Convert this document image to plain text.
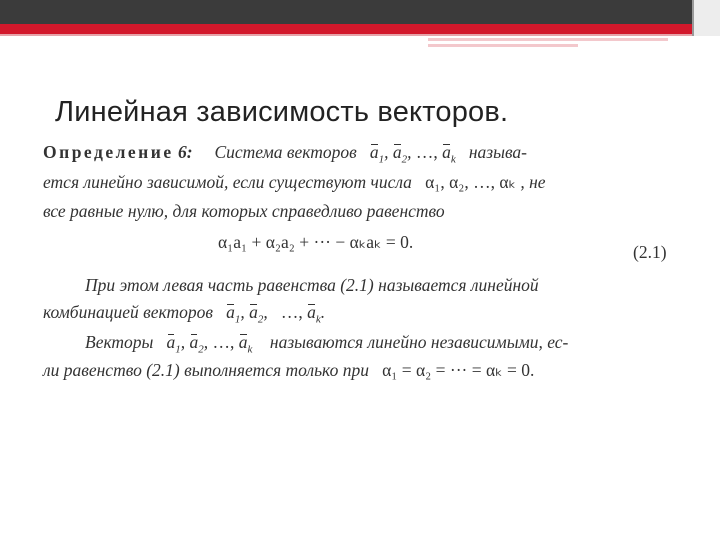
Линейная зависимость векторов.
Определение 6: Система векторов $a_1$, $a_2$, …, $a_k$ называ-
ется линейно зависимой, если существуют числа α₁, α₂, …, αₖ , не
все равные нулю, для которых справедливо равенство
α₁a₁ + α₂a₂ + ··· − αₖaₖ = 0.	(2.1)
При этом левая часть равенства (2.1) называется линейной
комбинацией векторов $a_1$, $a_2$, …, $a_k$.
Векторы $a_1$, $a_2$, …, $a_k$ называются линейно независимыми, ес-
ли равенство (2.1) выполняется только при α₁ = α₂ = ··· = αₖ = 0.
